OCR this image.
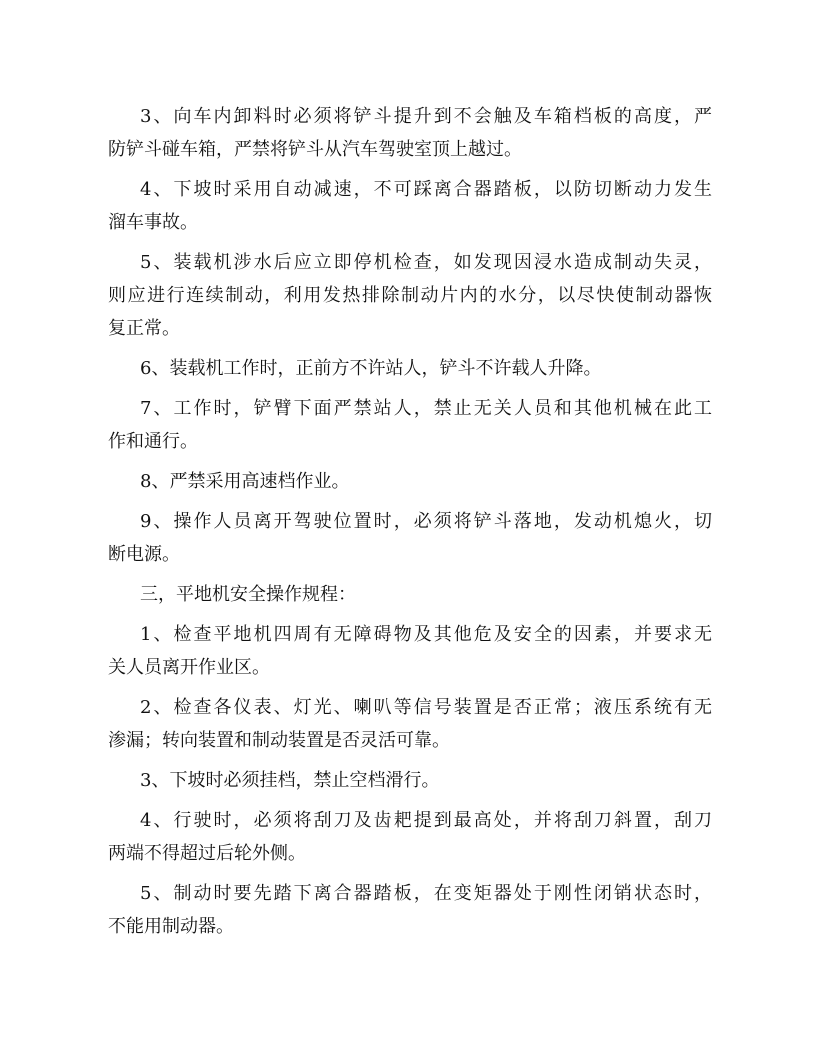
3、向车内卸料时必须将铲斗提升到不会触及车箱档板的高度，严
防铲斗碰车箱，严禁将铲斗从汽车驾驶室顶上越过。
4、下坡时采用自动减速，不可踩离合器踏板，以防切断动力发生
溜车事故。
5、装载机涉水后应立即停机检查，如发现因浸水造成制动失灵，
则应进行连续制动，利用发热排除制动片内的水分，以尽快使制动器恢
复正常。
6、装载机工作时，正前方不许站人，铲斗不许载人升降。
7、工作时，铲臂下面严禁站人，禁止无关人员和其他机械在此工
作和通行。
8、严禁采用高速档作业。
9、操作人员离开驾驶位置时，必须将铲斗落地，发动机熄火，切
断电源。
三，平地机安全操作规程：
1、检查平地机四周有无障碍物及其他危及安全的因素，并要求无
关人员离开作业区。
2、检查各仪表、灯光、喇叭等信号装置是否正常；液压系统有无
渗漏；转向装置和制动装置是否灵活可靠。
3、下坡时必须挂档，禁止空档滑行。
4、行驶时，必须将刮刀及齿耙提到最高处，并将刮刀斜置，刮刀
两端不得超过后轮外侧。
5、制动时要先踏下离合器踏板，在变矩器处于刚性闭销状态时，
不能用制动器。
